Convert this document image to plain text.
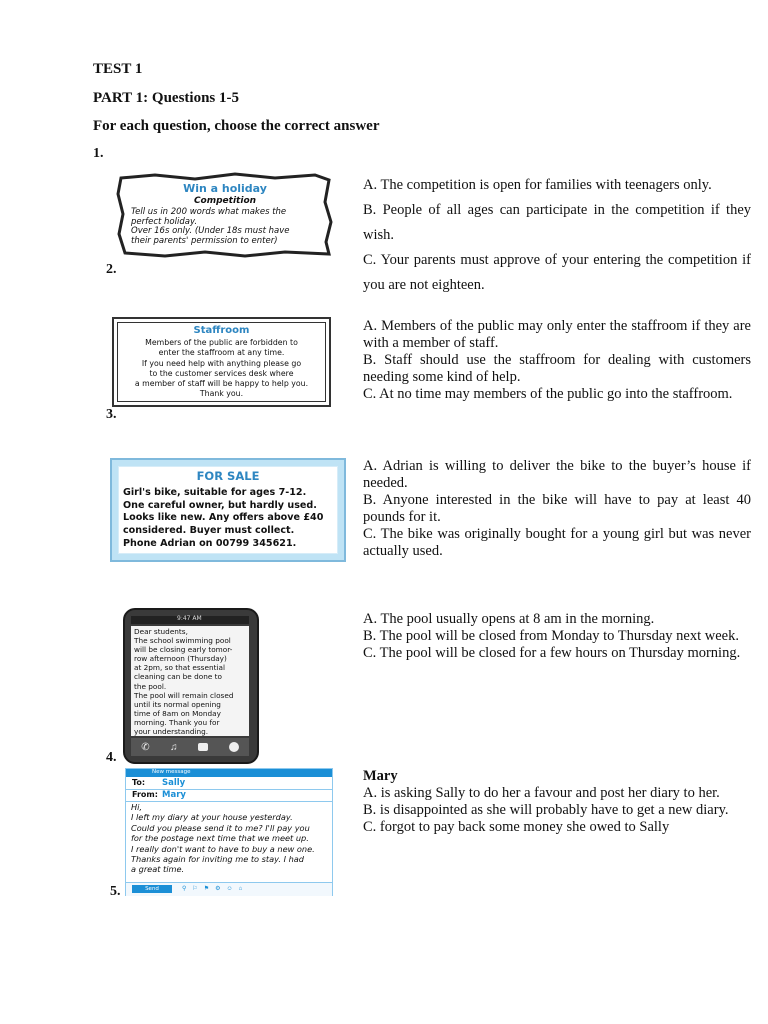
TEST 1
PART 1: Questions 1-5
For each question, choose the correct answer
1.
2.
3.
4.
5.
Win a holiday
Competition
Tell us in 200 words what makes the
perfect holiday.
Over 16s only. (Under 18s must have
their parents' permission to enter)

A. The competition is open for families with teenagers only.

B. People of all ages can participate in the competition if they wish.

C. Your parents must approve of your entering the competition if you are not eighteen.

Staffroom
Members of the public are forbidden to
enter the staffroom at any time.
If you need help with anything please go
to the customer services desk where
a member of staff will be happy to help you.
Thank you.

A. Members of the public may only enter the staffroom if they are with a member of staff.

B. Staff should use the staffroom for dealing with customers needing some kind of help.

C. At no time may members of the public go into the staffroom.

FOR SALE
Girl's bike, suitable for ages 7-12.
One careful owner, but hardly used.
Looks like new. Any offers above £40
considered. Buyer must collect.
Phone Adrian on 00799 345621.

A. Adrian is willing to deliver the bike to the buyer’s house if needed.

B. Anyone interested in the bike will have to pay at least 40 pounds for it.

C. The bike was originally bought for a young girl but was never actually used.

9:47 AM
Dear students,
The school swimming pool
will be closing early tomor-
row afternoon (Thursday)
at 2pm, so that essential
cleaning can be done to
the pool.
The pool will remain closed
until its normal opening
time of 8am on Monday
morning. Thank you for
your understanding.
✆ ♫

A. The pool usually opens at 8 am in the morning.

B. The pool will be closed from Monday to Thursday next week.

C. The pool will be closed for a few hours on Thursday morning.

New message
To: Sally
From: Mary
Hi,
I left my diary at your house yesterday.
Could you please send it to me? I'll pay you
for the postage next time that we meet up.
I really don't want to have to buy a new one.
Thanks again for inviting me to stay. I had
a great time.
Send	⚲⚐⚑⚙☺⌂

Mary

A. is asking Sally to do her a favour and post her diary to her.

B. is disappointed as she will probably have to get a new diary.

C. forgot to pay back some money she owed to Sally
